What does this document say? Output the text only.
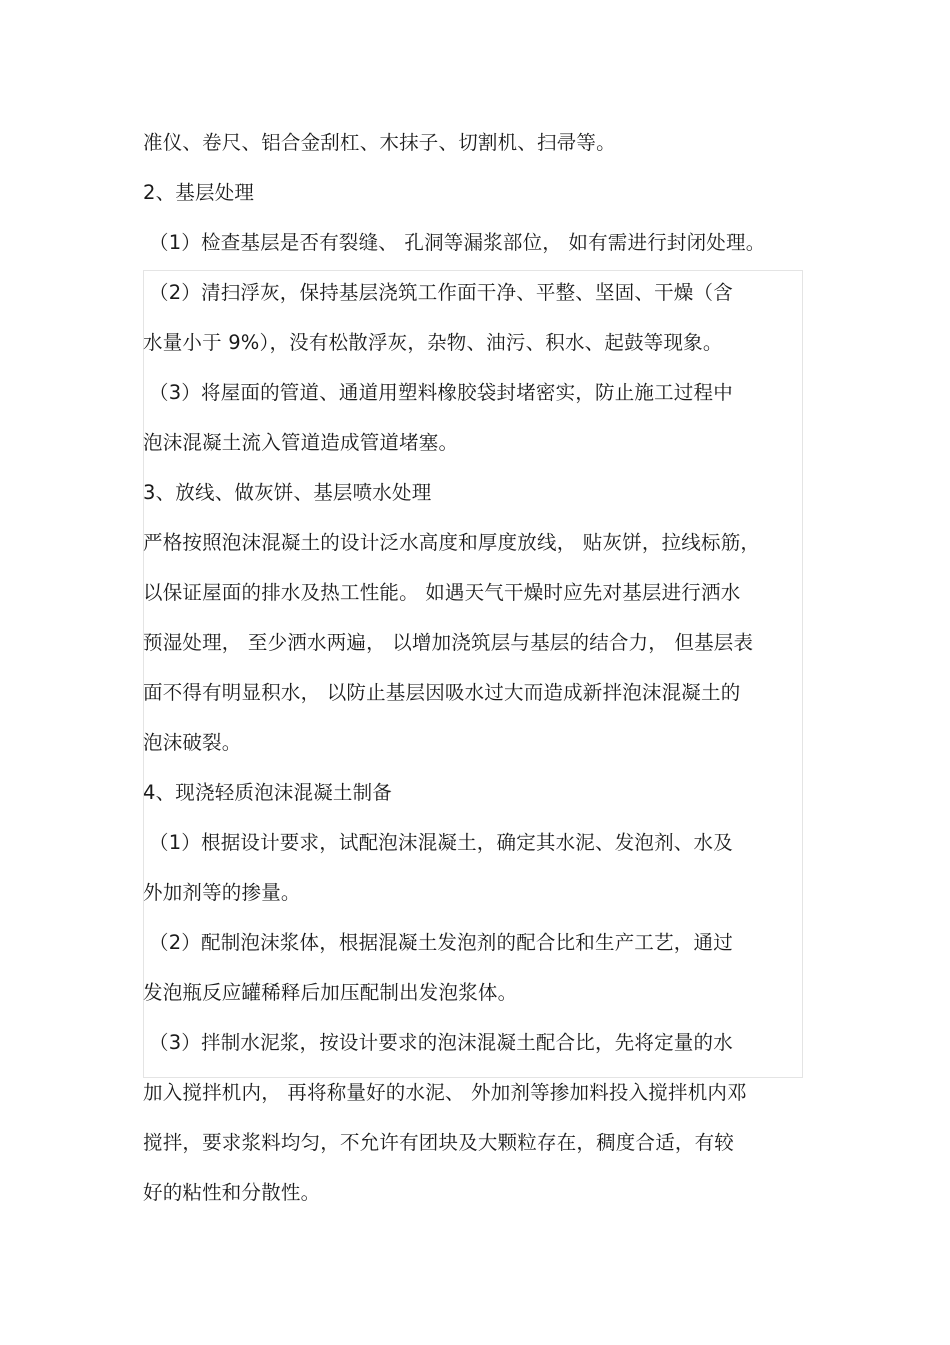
准仪、卷尺、铝合金刮杠、木抹子、切割机、扫帚等。
2、基层处理
（1）检查基层是否有裂缝、 孔洞等漏浆部位， 如有需进行封闭处理。
（2）清扫浮灰，保持基层浇筑工作面干净、平整、坚固、干燥（含
水量小于 9%），没有松散浮灰，杂物、油污、积水、起鼓等现象。
（3）将屋面的管道、通道用塑料橡胶袋封堵密实，防止施工过程中
泡沫混凝土流入管道造成管道堵塞。
3、放线、做灰饼、基层喷水处理
严格按照泡沫混凝土的设计泛水高度和厚度放线， 贴灰饼，拉线标筋，
以保证屋面的排水及热工性能。 如遇天气干燥时应先对基层进行洒水
预湿处理， 至少洒水两遍， 以增加浇筑层与基层的结合力， 但基层表
面不得有明显积水， 以防止基层因吸水过大而造成新拌泡沫混凝土的
泡沫破裂。
4、现浇轻质泡沫混凝土制备
（1）根据设计要求，试配泡沫混凝土，确定其水泥、发泡剂、水及
外加剂等的掺量。
（2）配制泡沫浆体，根据混凝土发泡剂的配合比和生产工艺，通过
发泡瓶反应罐稀释后加压配制出发泡浆体。
（3）拌制水泥浆，按设计要求的泡沫混凝土配合比，先将定量的水
加入搅拌机内， 再将称量好的水泥、 外加剂等掺加料投入搅拌机内邓
搅拌，要求浆料均匀，不允许有团块及大颗粒存在，稠度合适，有较
好的粘性和分散性。
